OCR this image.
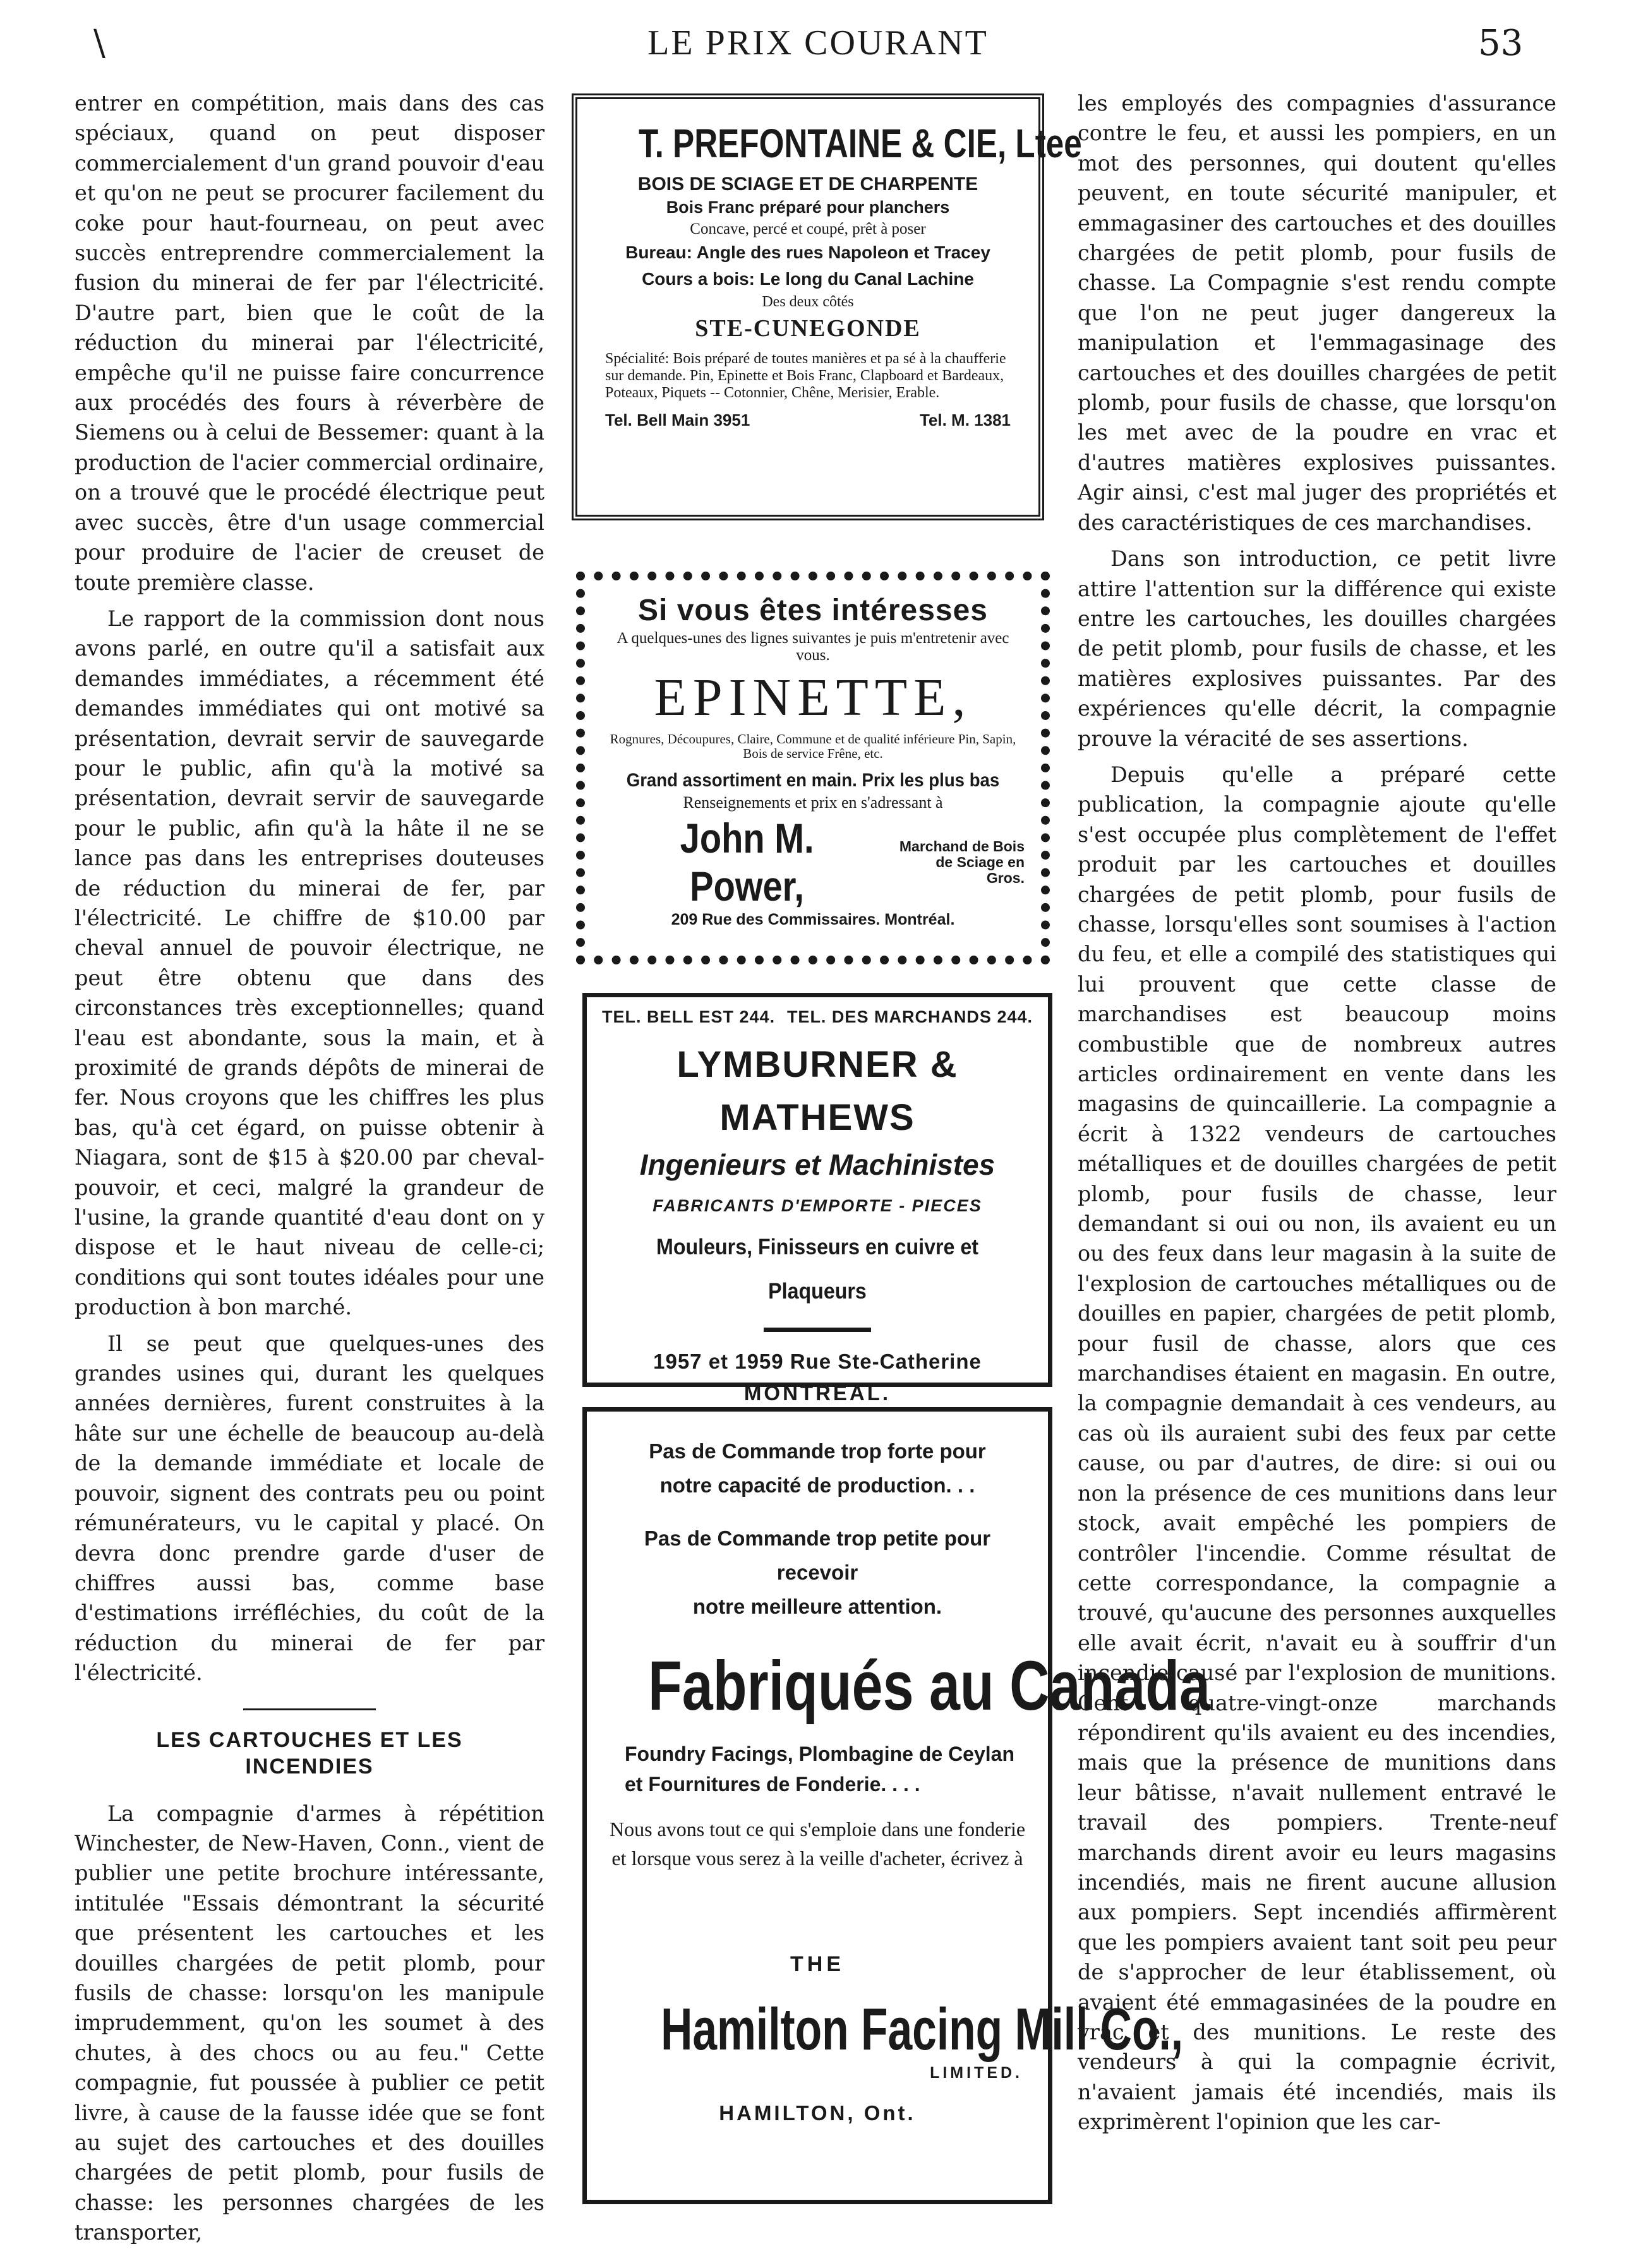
\	LE PRIX COURANT	53

entrer en compétition, mais dans des cas spéciaux, quand on peut disposer commercialement d'un grand pouvoir d'eau et qu'on ne peut se procurer facilement du coke pour haut-fourneau, on peut avec succès entreprendre commercialement la fusion du minerai de fer par l'électricité. D'autre part, bien que le coût de la réduction du minerai par l'électricité, empêche qu'il ne puisse faire concurrence aux procédés des fours à réverbère de Siemens ou à celui de Bessemer: quant à la production de l'acier commercial ordinaire, on a trouvé que le procédé électrique peut avec succès, être d'un usage commercial pour produire de l'acier de creuset de toute première classe.

Le rapport de la commission dont nous avons parlé, en outre qu'il a satisfait aux demandes immédiates, a récemment été demandes immédiates qui ont motivé sa présentation, devrait servir de sauvegarde pour le public, afin qu'à la motivé sa présentation, devrait servir de sauvegarde pour le public, afin qu'à la hâte il ne se lance pas dans les entreprises douteuses de réduction du minerai de fer, par l'électricité. Le chiffre de $10.00 par cheval annuel de pouvoir électrique, ne peut être obtenu que dans des circonstances très exceptionnelles; quand l'eau est abondante, sous la main, et à proximité de grands dépôts de minerai de fer. Nous croyons que les chiffres les plus bas, qu'à cet égard, on puisse obtenir à Niagara, sont de $15 à $20.00 par cheval-pouvoir, et ceci, malgré la grandeur de l'usine, la grande quantité d'eau dont on y dispose et le haut niveau de celle-ci; conditions qui sont toutes idéales pour une production à bon marché.

Il se peut que quelques-unes des grandes usines qui, durant les quelques années dernières, furent construites à la hâte sur une échelle de beaucoup au-delà de la demande immédiate et locale de pouvoir, signent des contrats peu ou point rémunérateurs, vu le capital y placé. On devra donc prendre garde d'user de chiffres aussi bas, comme base d'estimations irréfléchies, du coût de la réduction du minerai de fer par l'électricité.

LES CARTOUCHES ET LES
INCENDIES

La compagnie d'armes à répétition Winchester, de New-Haven, Conn., vient de publier une petite brochure intéressante, intitulée "Essais démontrant la sécurité que présentent les cartouches et les douilles chargées de petit plomb, pour fusils de chasse: lorsqu'on les manipule imprudemment, qu'on les soumet à des chutes, à des chocs ou au feu." Cette compagnie, fut poussée à publier ce petit livre, à cause de la fausse idée que se font au sujet des cartouches et des douilles chargées de petit plomb, pour fusils de chasse: les personnes chargées de les transporter,

T. PREFONTAINE & CIE, Ltee
BOIS DE SCIAGE ET DE CHARPENTE
Bois Franc préparé pour planchers
Concave, percé et coupé, prêt à poser
Bureau: Angle des rues Napoleon et Tracey
Cours a bois: Le long du Canal Lachine
Des deux côtés
STE-CUNEGONDE
Spécialité: Bois préparé de toutes manières et pa sé à la chaufferie sur demande. Pin, Epinette et Bois Franc, Clapboard et Bardeaux, Poteaux, Piquets -- Cotonnier, Chêne, Merisier, Erable.
Tel. Bell Main 3951	Tel. M. 1381
Si vous êtes intéresses
A quelques-unes des lignes suivantes je puis m'entretenir avec vous.
EPINETTE,
Rognures, Découpures, Claire, Commune et de qualité inférieure Pin, Sapin, Bois de service Frêne, etc.
Grand assortiment en main. Prix les plus bas
Renseignements et prix en s'adressant à
John M. Power,
Marchand de Bois
de Sciage en Gros.
209 Rue des Commissaires. Montréal.
TEL. BELL EST 244. TEL. DES MARCHANDS 244.
LYMBURNER & MATHEWS
Ingenieurs et Machinistes
FABRICANTS D'EMPORTE - PIECES
Mouleurs, Finisseurs en cuivre et Plaqueurs
1957 et 1959 Rue Ste-Catherine
MONTREAL.
Pas de Commande trop forte pour
notre capacité de production. . .
Pas de Commande trop petite pour recevoir
notre meilleure attention.
Fabriqués au Canada
Foundry Facings, Plombagine de Ceylan
et Fournitures de Fonderie. . . .
Nous avons tout ce qui s'emploie dans une fonderie et lorsque vous serez à la veille d'acheter, écrivez à
THE
Hamilton Facing Mill Co.,
LIMITED.
HAMILTON, Ont.

les employés des compagnies d'assurance contre le feu, et aussi les pompiers, en un mot des personnes, qui doutent qu'elles peuvent, en toute sécurité manipuler, et emmagasiner des cartouches et des douilles chargées de petit plomb, pour fusils de chasse. La Compagnie s'est rendu compte que l'on ne peut juger dangereux la manipulation et l'emmagasinage des cartouches et des douilles chargées de petit plomb, pour fusils de chasse, que lorsqu'on les met avec de la poudre en vrac et d'autres matières explosives puissantes. Agir ainsi, c'est mal juger des propriétés et des caractéristiques de ces marchandises.

Dans son introduction, ce petit livre attire l'attention sur la différence qui existe entre les cartouches, les douilles chargées de petit plomb, pour fusils de chasse, et les matières explosives puissantes. Par des expériences qu'elle décrit, la compagnie prouve la véracité de ses assertions.

Depuis qu'elle a préparé cette publication, la compagnie ajoute qu'elle s'est occupée plus complètement de l'effet produit par les cartouches et douilles chargées de petit plomb, pour fusils de chasse, lorsqu'elles sont soumises à l'action du feu, et elle a compilé des statistiques qui lui prouvent que cette classe de marchandises est beaucoup moins combustible que de nombreux autres articles ordinairement en vente dans les magasins de quincaillerie. La compagnie a écrit à 1322 vendeurs de cartouches métalliques et de douilles chargées de petit plomb, pour fusils de chasse, leur demandant si oui ou non, ils avaient eu un ou des feux dans leur magasin à la suite de l'explosion de cartouches métalliques ou de douilles en papier, chargées de petit plomb, pour fusil de chasse, alors que ces marchandises étaient en magasin. En outre, la compagnie demandait à ces vendeurs, au cas où ils auraient subi des feux par cette cause, ou par d'autres, de dire: si oui ou non la présence de ces munitions dans leur stock, avait empêché les pompiers de contrôler l'incendie. Comme résultat de cette correspondance, la compagnie a trouvé, qu'aucune des personnes auxquelles elle avait écrit, n'avait eu à souffrir d'un incendie causé par l'explosion de munitions. Cent quatre-vingt-onze marchands répondirent qu'ils avaient eu des incendies, mais que la présence de munitions dans leur bâtisse, n'avait nullement entravé le travail des pompiers. Trente-neuf marchands dirent avoir eu leurs magasins incendiés, mais ne firent aucune allusion aux pompiers. Sept incendiés affirmèrent que les pompiers avaient tant soit peu peur de s'approcher de leur établissement, où avaient été emmagasinées de la poudre en vrac et des munitions. Le reste des vendeurs à qui la compagnie écrivit, n'avaient jamais été incendiés, mais ils exprimèrent l'opinion que les car-
